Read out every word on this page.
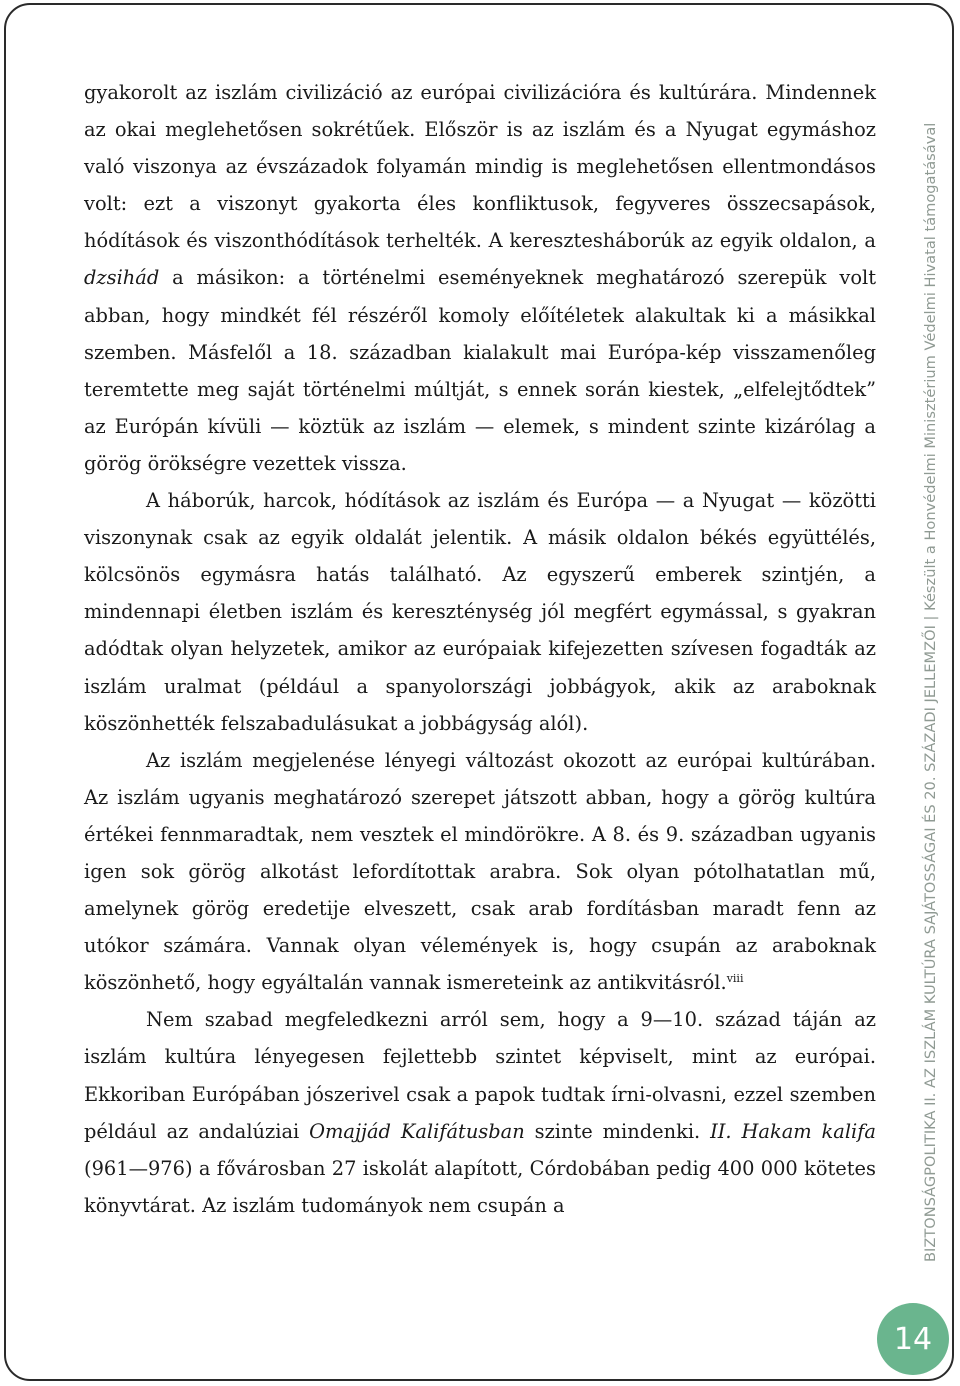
gyakorolt az iszlám civilizáció az európai civilizációra és kultúrára. Mindennek az okai meglehetősen sokrétűek. Először is az iszlám és a Nyugat egymáshoz való viszonya az évszázadok folyamán mindig is meglehetősen ellentmondásos volt: ezt a viszonyt gyakorta éles konfliktusok, fegyveres összecsapások, hódítások és viszonthódítások terhelték. A keresztesháborúk az egyik oldalon, a dzsihád a másikon: a történelmi eseményeknek meghatározó szerepük volt abban, hogy mindkét fél részéről komoly előítéletek alakultak ki a másikkal szemben. Másfelől a 18. században kialakult mai Európa-kép visszamenőleg teremtette meg saját történelmi múltját, s ennek során kiestek, „elfelejtődtek” az Európán kívüli — köztük az iszlám — elemek, s mindent szinte kizárólag a görög örökségre vezettek vissza.

A háborúk, harcok, hódítások az iszlám és Európa — a Nyugat — közötti viszonynak csak az egyik oldalát jelentik. A másik oldalon békés együttélés, kölcsönös egymásra hatás található. Az egyszerű emberek szintjén, a mindennapi életben iszlám és kereszténység jól megfért egymással, s gyakran adódtak olyan helyzetek, amikor az európaiak kifejezetten szívesen fogadták az iszlám uralmat (például a spanyolországi jobbágyok, akik az araboknak köszönhették felszabadulásukat a jobbágyság alól).

Az iszlám megjelenése lényegi változást okozott az európai kultúrában. Az iszlám ugyanis meghatározó szerepet játszott abban, hogy a görög kultúra értékei fennmaradtak, nem vesztek el mindörökre. A 8. és 9. században ugyanis igen sok görög alkotást lefordítottak arabra. Sok olyan pótolhatatlan mű, amelynek görög eredetije elveszett, csak arab fordításban maradt fenn az utókor számára. Vannak olyan vélemények is, hogy csupán az araboknak köszönhető, hogy egyáltalán vannak ismereteink az antikvitásról.$^{viii}$

Nem szabad megfeledkezni arról sem, hogy a 9—10. század táján az iszlám kultúra lényegesen fejlettebb szintet képviselt, mint az európai. Ekkoriban Európában jószerivel csak a papok tudtak írni-olvasni, ezzel szemben például az andalúziai Omajjád Kalifátusban szinte mindenki. II. Hakam kalifa (961—976) a fővárosban 27 iskolát alapított, Córdobában pedig 400 000 kötetes könyvtárat. Az iszlám tudományok nem csupán a	BIZTONSÁGPOLITIKA II. AZ ISZLÁM KULTÚRA SAJÁTOSSÁGAI ÉS 20. SZÁZADI JELLEMZŐI | Készült a Honvédelmi Minisztérium Védelmi Hivatal támogatásával
14
